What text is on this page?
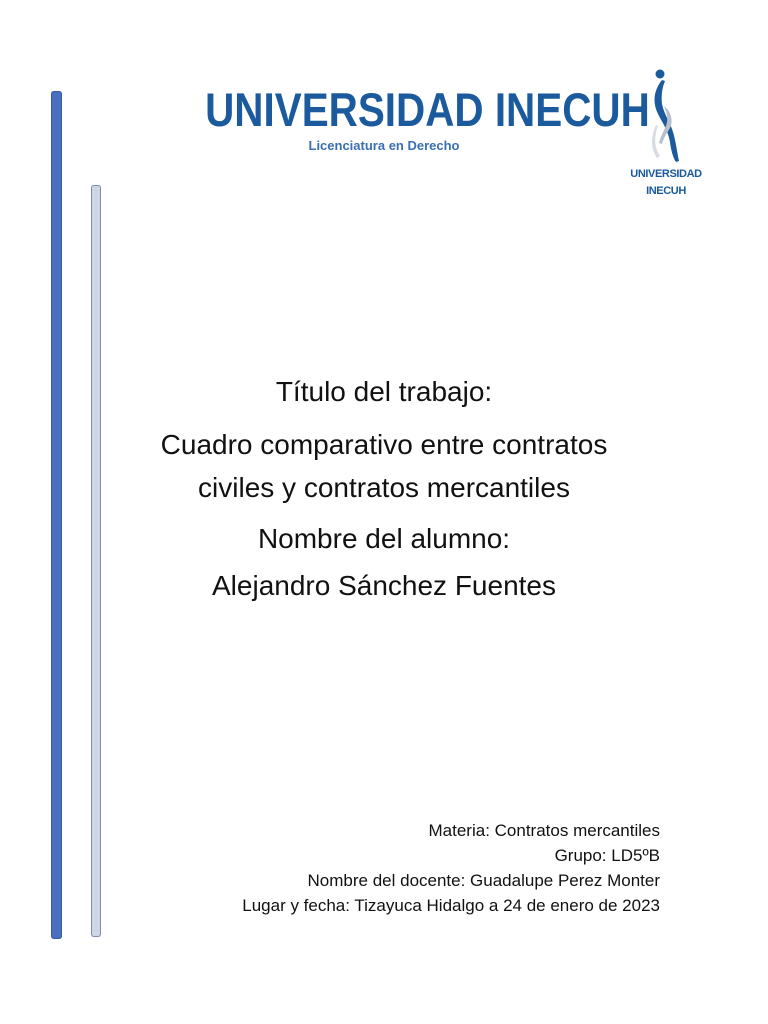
UNIVERSIDAD INECUH
Licenciatura en Derecho
UNIVERSIDAD
INECUH
Título del trabajo:
Cuadro comparativo entre contratos
civiles y contratos mercantiles
Nombre del alumno:
Alejandro Sánchez Fuentes
Materia: Contratos mercantiles
Grupo: LD5ºB
Nombre del docente: Guadalupe Perez Monter
Lugar y fecha: Tizayuca Hidalgo a 24 de enero de 2023
